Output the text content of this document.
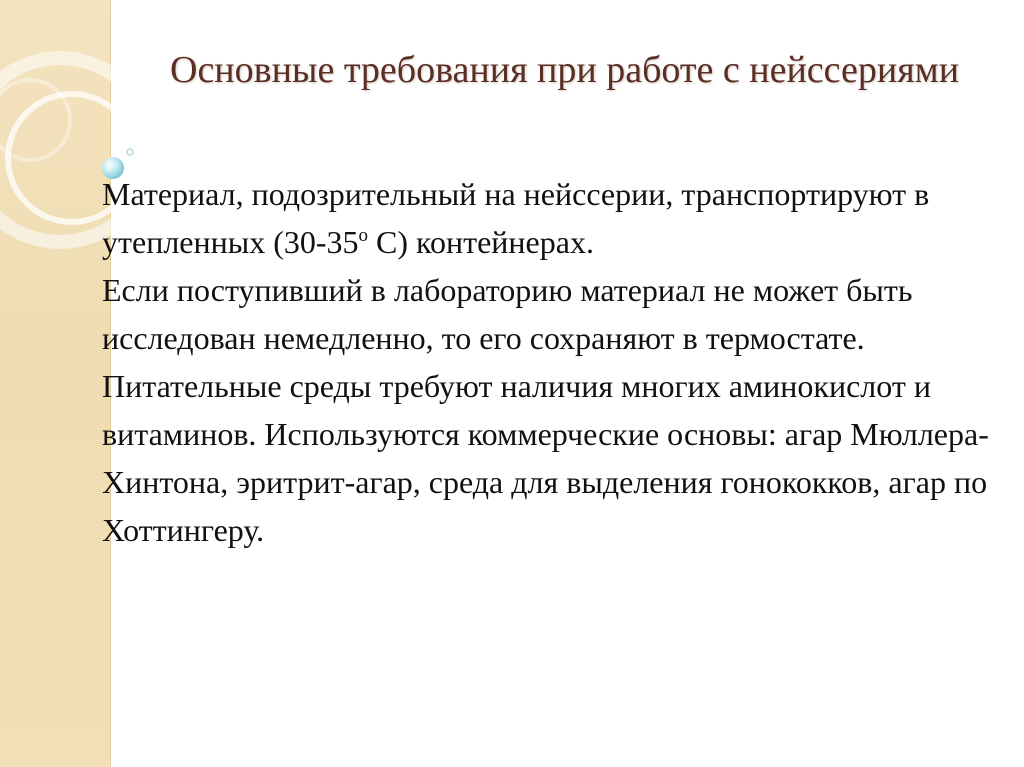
Основные требования при работе с нейссериями

Материал, подозрительный на нейссерии, транспортируют в утепленных ($30-35^о$ С) контейнерах.

Если поступивший в лабораторию материал не может быть исследован немедленно, то его сохраняют в термостате.

Питательные среды требуют наличия многих аминокислот и витаминов. Используются коммерческие основы: агар Мюллера-Хинтона, эритрит-агар, среда для выделения гонококков, агар по Хоттингеру.
